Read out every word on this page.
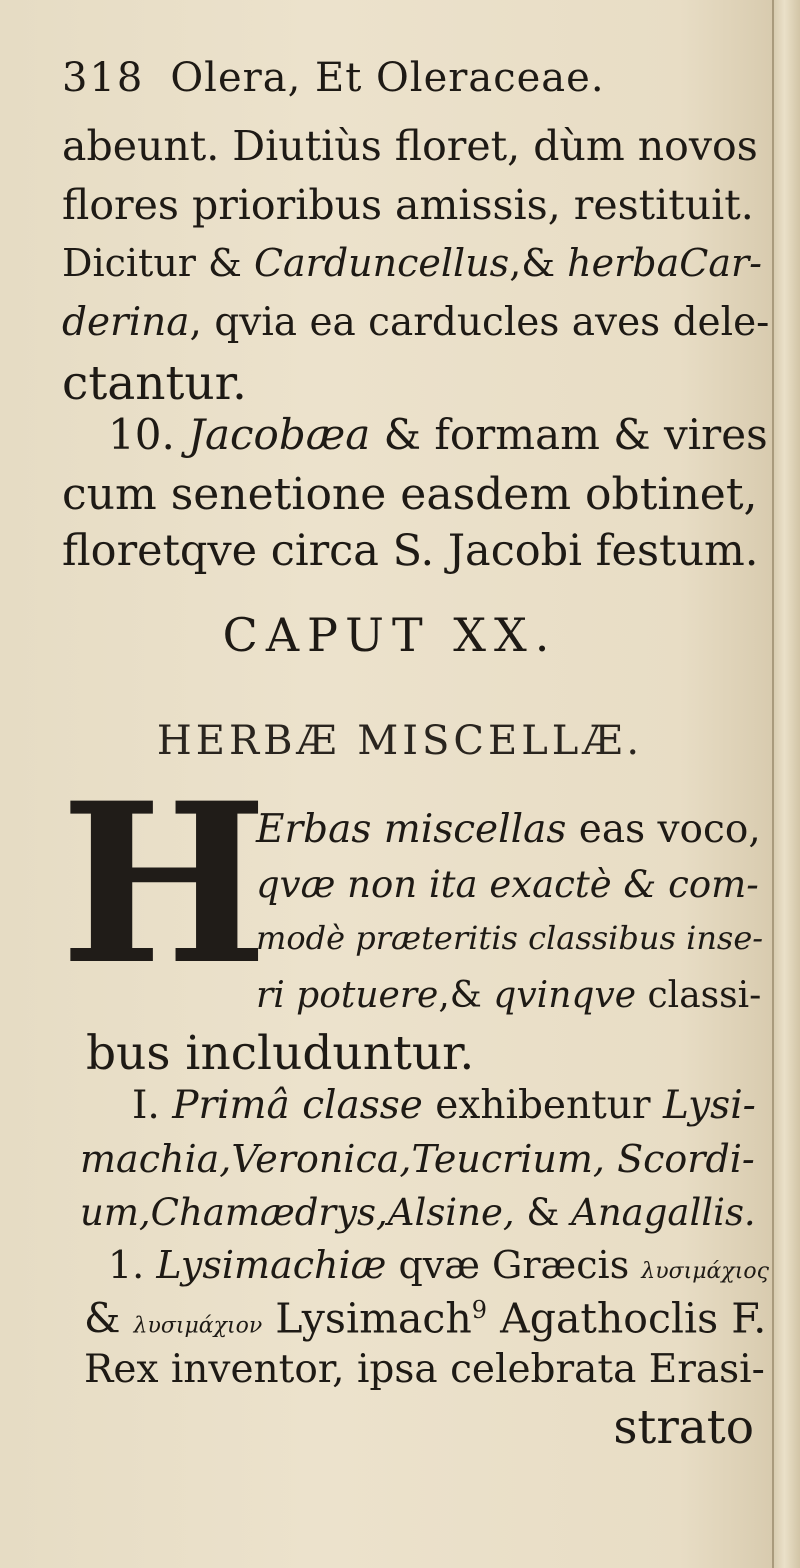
318 Olera, Et Oleraceae.
abeunt. Diutiùs floret, dùm novos
flores prioribus amissis, restituit.
Dicitur & Carduncellus,& herbaCar-
derina, qvia ea carducles aves dele-
ctantur.
10. Jacobæa & formam & vires
cum senetione easdem obtinet,
floretqve circa S. Jacobi festum.
CAPUT XX.
HERBÆ MISCELLÆ.
H
Erbas miscellas eas voco,
qvæ non ita exactè & com-
modè præteritis classibus inse-
ri potuere,& qvinqve classi-
bus includuntur.
I. Primâ classe exhibentur Lysi-
machia,Veronica,Teucrium, Scordi-
um,Chamædrys,Alsine, & Anagallis.
1. Lysimachiæ qvæ Græcis λυσιμάχιος
& λυσιμάχιον Lysimach$^9$ Agathoclis F.
Rex inventor, ipsa celebrata Erasi-
strato
